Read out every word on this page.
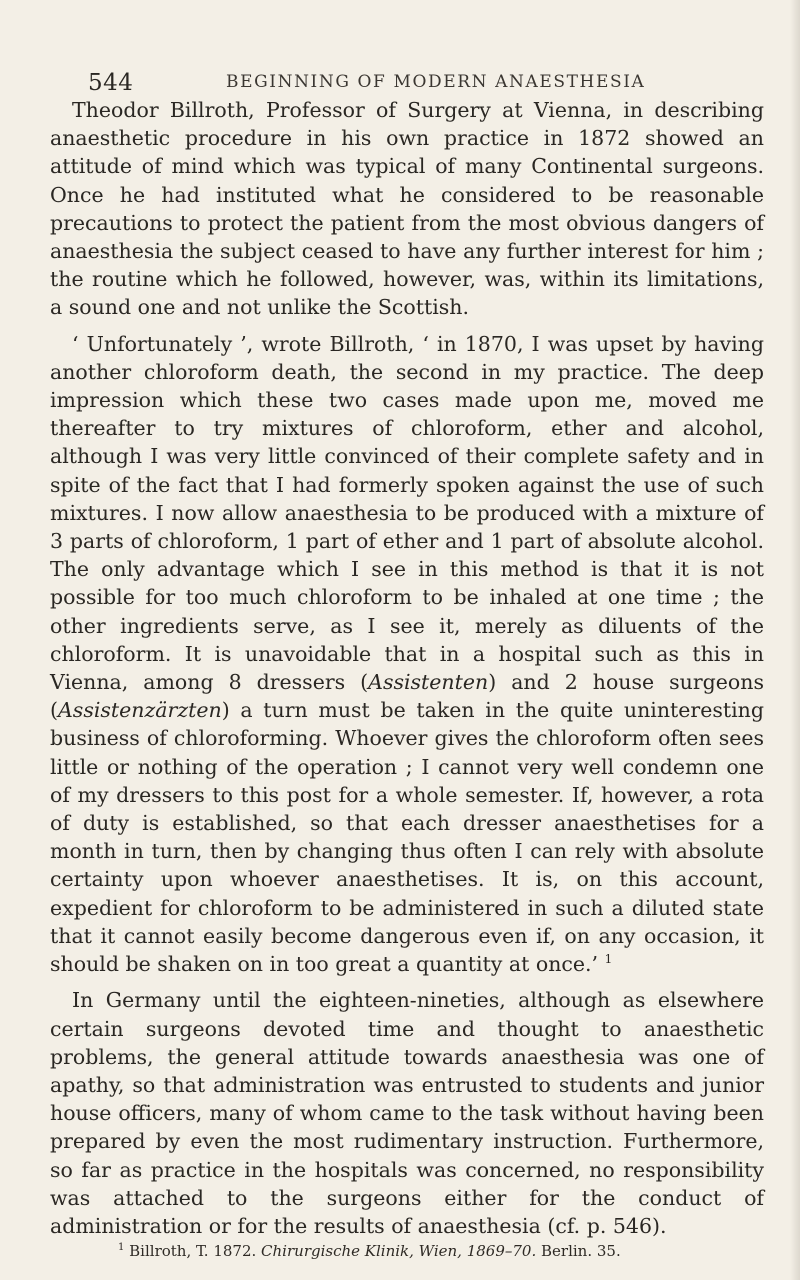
544	BEGINNING OF MODERN ANAESTHESIA

Theodor Billroth, Professor of Surgery at Vienna, in describing anaesthetic procedure in his own practice in 1872 showed an attitude of mind which was typical of many Continental surgeons. Once he had instituted what he considered to be reasonable precautions to protect the patient from the most obvious dangers of anaesthesia the subject ceased to have any further interest for him ; the routine which he followed, however, was, within its limitations, a sound one and not unlike the Scottish.

‘ Unfortunately ’, wrote Billroth, ‘ in 1870, I was upset by having another chloroform death, the second in my practice. The deep impression which these two cases made upon me, moved me thereafter to try mixtures of chloroform, ether and alcohol, although I was very little convinced of their complete safety and in spite of the fact that I had formerly spoken against the use of such mixtures. I now allow anaesthesia to be produced with a mixture of 3 parts of chloroform, 1 part of ether and 1 part of absolute alcohol. The only advantage which I see in this method is that it is not possible for too much chloroform to be inhaled at one time ; the other ingredients serve, as I see it, merely as diluents of the chloroform. It is unavoidable that in a hospital such as this in Vienna, among 8 dressers (Assistenten) and 2 house surgeons (Assistenzärzten) a turn must be taken in the quite uninteresting business of chloroforming. Whoever gives the chloroform often sees little or nothing of the operation ; I cannot very well condemn one of my dressers to this post for a whole semester. If, however, a rota of duty is established, so that each dresser anaesthetises for a month in turn, then by changing thus often I can rely with absolute certainty upon whoever anaesthetises. It is, on this account, expedient for chloroform to be administered in such a diluted state that it cannot easily become dangerous even if, on any occasion, it should be shaken on in too great a quantity at once.’ $^1$

In Germany until the eighteen-nineties, although as elsewhere certain surgeons devoted time and thought to anaesthetic problems, the general attitude towards anaesthesia was one of apathy, so that administration was entrusted to students and junior house officers, many of whom came to the task without having been prepared by even the most rudimentary instruction. Furthermore, so far as practice in the hospitals was concerned, no responsibility was attached to the surgeons either for the conduct of administration or for the results of anaesthesia (cf. p. 546).

$^1$ Billroth, T. 1872. Chirurgische Klinik, Wien, 1869–70. Berlin. 35.
